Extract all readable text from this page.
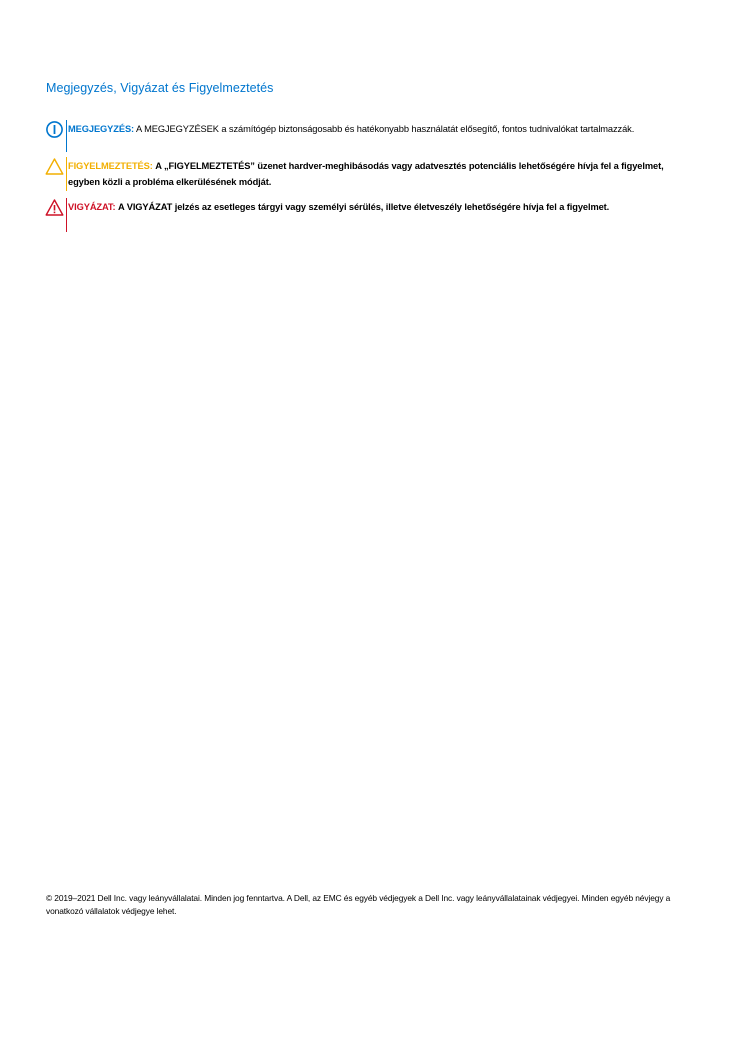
Megjegyzés, Vigyázat és Figyelmeztetés
MEGJEGYZÉS: A MEGJEGYZÉSEK a számítógép biztonságosabb és hatékonyabb használatát elősegítő, fontos tudnivalókat tartalmazzák.
FIGYELMEZTETÉS: A „FIGYELMEZTETÉS” üzenet hardver-meghibásodás vagy adatvesztés potenciális lehetőségére hívja fel a figyelmet, egyben közli a probléma elkerülésének módját.
VIGYÁZAT: A VIGYÁZAT jelzés az esetleges tárgyi vagy személyi sérülés, illetve életveszély lehetőségére hívja fel a figyelmet.
© 2019–2021 Dell Inc. vagy leányvállalatai. Minden jog fenntartva. A Dell, az EMC és egyéb védjegyek a Dell Inc. vagy leányvállalatainak védjegyei. Minden egyéb névjegy a vonatkozó vállalatok védjegye lehet.
